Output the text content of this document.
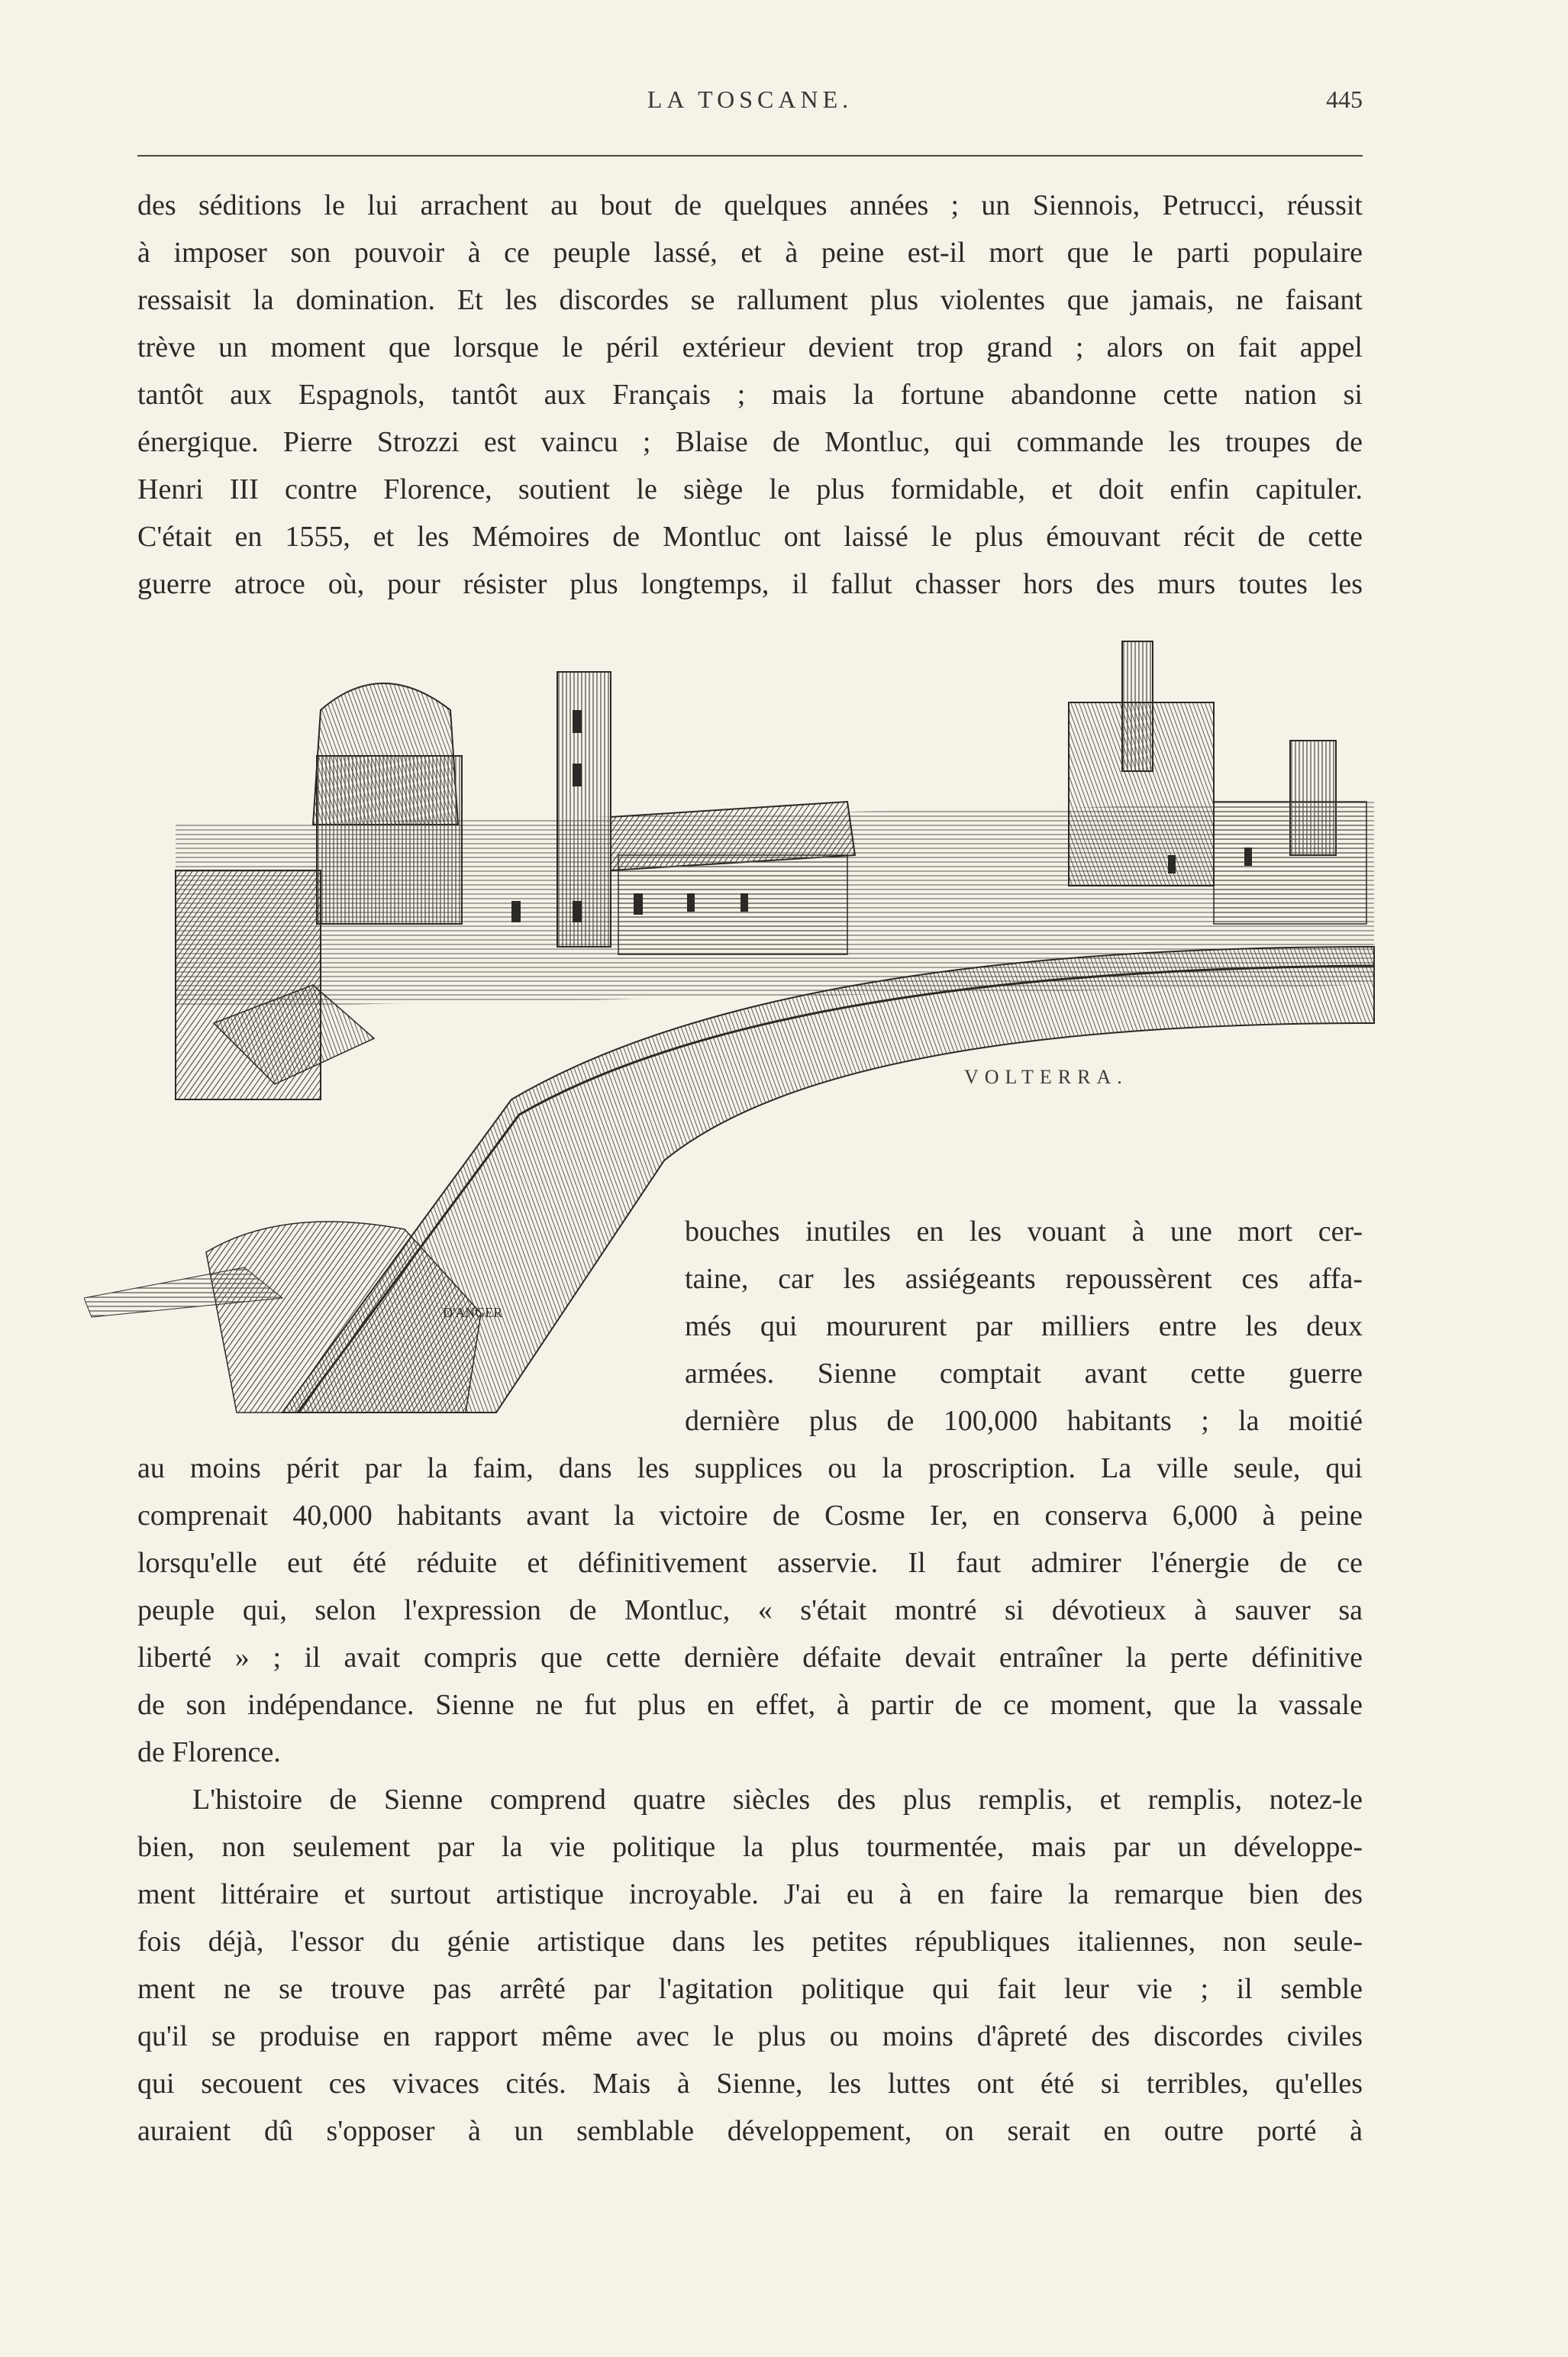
LA TOSCANE.	445
des séditions le lui arrachent au bout de quelques années ; un Siennois, Petrucci, réussit
à imposer son pouvoir à ce peuple lassé, et à peine est-il mort que le parti populaire
ressaisit la domination. Et les discordes se rallument plus violentes que jamais, ne faisant
trève un moment que lorsque le péril extérieur devient trop grand ; alors on fait appel
tantôt aux Espagnols, tantôt aux Français ; mais la fortune abandonne cette nation si
énergique. Pierre Strozzi est vaincu ; Blaise de Montluc, qui commande les troupes de
Henri III contre Florence, soutient le siège le plus formidable, et doit enfin capituler.
C'était en 1555, et les Mémoires de Montluc ont laissé le plus émouvant récit de cette
guerre atroce où, pour résister plus longtemps, il fallut chasser hors des murs toutes les
D'ANGER
VOLTERRA.
bouches inutiles en les vouant à une mort cer-
taine, car les assiégeants repoussèrent ces affa-
més qui moururent par milliers entre les deux
armées. Sienne comptait avant cette guerre
dernière plus de 100,000 habitants ; la moitié
au moins périt par la faim, dans les supplices ou la proscription. La ville seule, qui
comprenait 40,000 habitants avant la victoire de Cosme Ier, en conserva 6,000 à peine
lorsqu'elle eut été réduite et définitivement asservie. Il faut admirer l'énergie de ce
peuple qui, selon l'expression de Montluc, « s'était montré si dévotieux à sauver sa
liberté » ; il avait compris que cette dernière défaite devait entraîner la perte définitive
de son indépendance. Sienne ne fut plus en effet, à partir de ce moment, que la vassale
de Florence.
L'histoire de Sienne comprend quatre siècles des plus remplis, et remplis, notez-le
bien, non seulement par la vie politique la plus tourmentée, mais par un développe-
ment littéraire et surtout artistique incroyable. J'ai eu à en faire la remarque bien des
fois déjà, l'essor du génie artistique dans les petites républiques italiennes, non seule-
ment ne se trouve pas arrêté par l'agitation politique qui fait leur vie ; il semble
qu'il se produise en rapport même avec le plus ou moins d'âpreté des discordes civiles
qui secouent ces vivaces cités. Mais à Sienne, les luttes ont été si terribles, qu'elles
auraient dû s'opposer à un semblable développement, on serait en outre porté à
